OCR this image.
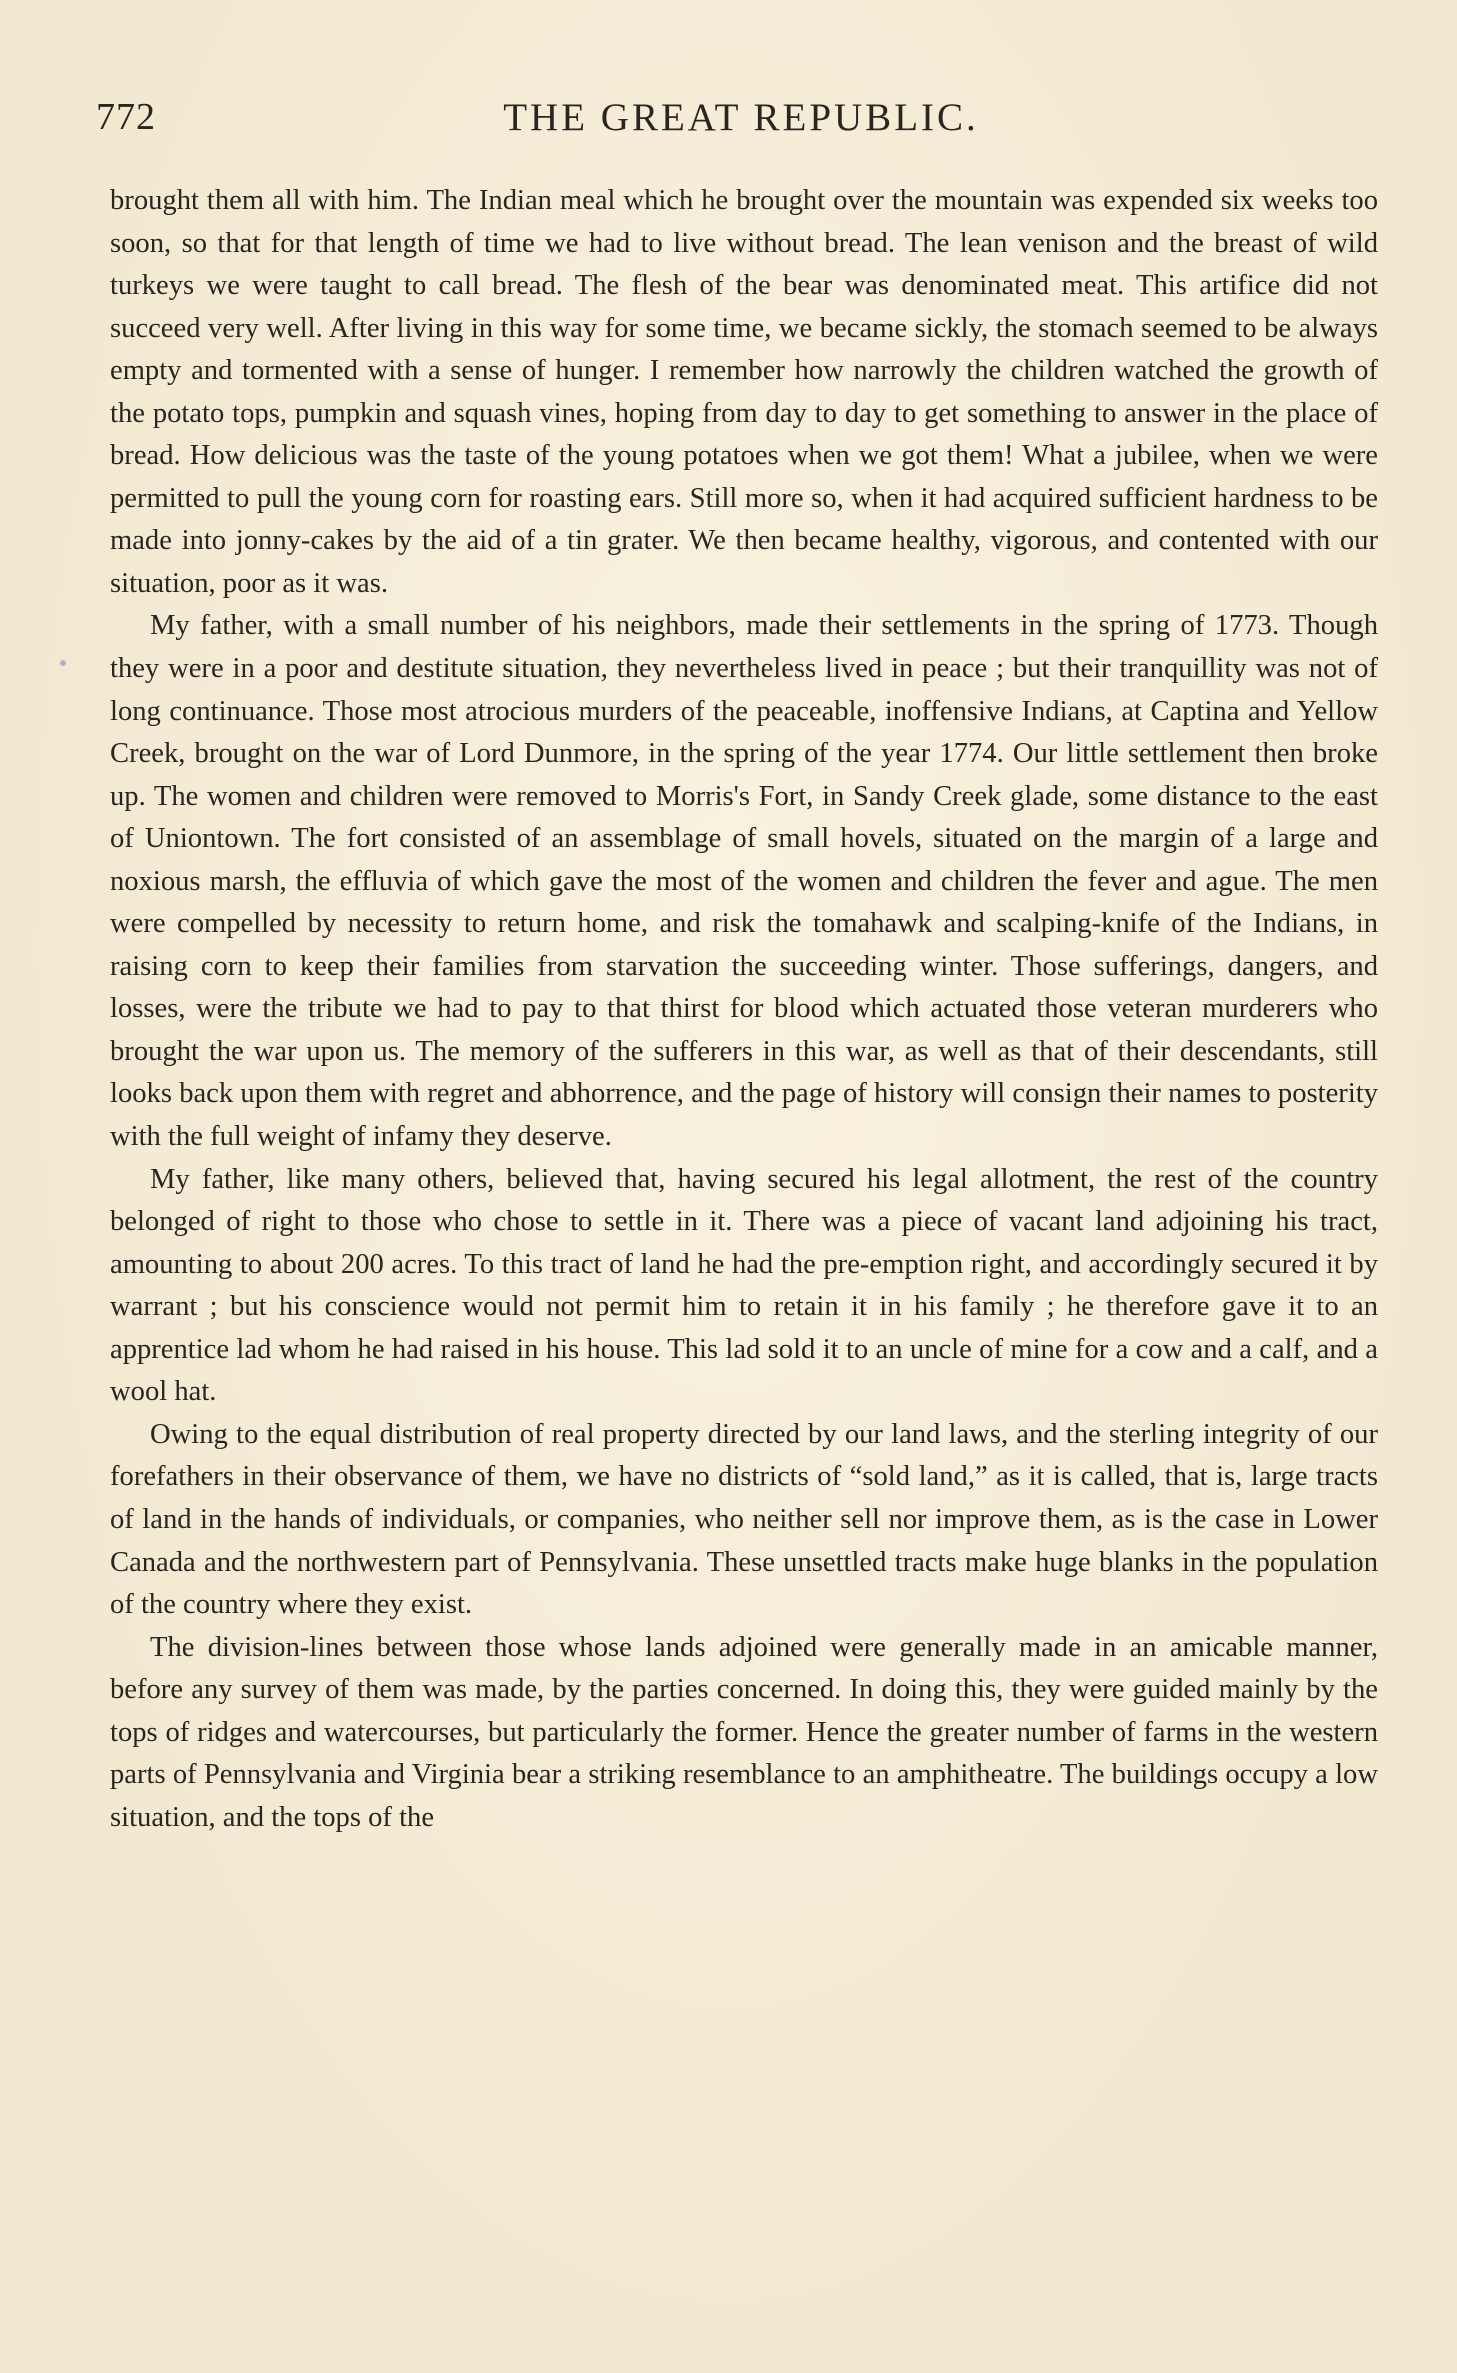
772	THE GREAT REPUBLIC.

brought them all with him. The Indian meal which he brought over the mountain was expended six weeks too soon, so that for that length of time we had to live without bread. The lean venison and the breast of wild turkeys we were taught to call bread. The flesh of the bear was denominated meat. This artifice did not succeed very well. After living in this way for some time, we became sickly, the stomach seemed to be always empty and tormented with a sense of hunger. I remember how narrowly the children watched the growth of the potato tops, pumpkin and squash vines, hoping from day to day to get something to answer in the place of bread. How delicious was the taste of the young potatoes when we got them! What a jubilee, when we were permitted to pull the young corn for roasting ears. Still more so, when it had acquired sufficient hardness to be made into jonny-cakes by the aid of a tin grater. We then became healthy, vigorous, and contented with our situation, poor as it was.

My father, with a small number of his neighbors, made their settlements in the spring of 1773. Though they were in a poor and destitute situation, they nevertheless lived in peace ; but their tranquillity was not of long continuance. Those most atrocious murders of the peaceable, inoffensive Indians, at Captina and Yellow Creek, brought on the war of Lord Dunmore, in the spring of the year 1774. Our little settlement then broke up. The women and children were removed to Morris's Fort, in Sandy Creek glade, some distance to the east of Uniontown. The fort consisted of an assemblage of small hovels, situated on the margin of a large and noxious marsh, the effluvia of which gave the most of the women and children the fever and ague. The men were compelled by necessity to return home, and risk the tomahawk and scalping-knife of the Indians, in raising corn to keep their families from starvation the succeeding winter. Those sufferings, dangers, and losses, were the tribute we had to pay to that thirst for blood which actuated those veteran murderers who brought the war upon us. The memory of the sufferers in this war, as well as that of their descendants, still looks back upon them with regret and abhorrence, and the page of history will consign their names to posterity with the full weight of infamy they deserve.

My father, like many others, believed that, having secured his legal allotment, the rest of the country belonged of right to those who chose to settle in it. There was a piece of vacant land adjoining his tract, amounting to about 200 acres. To this tract of land he had the pre-emption right, and accordingly secured it by warrant ; but his conscience would not permit him to retain it in his family ; he therefore gave it to an apprentice lad whom he had raised in his house. This lad sold it to an uncle of mine for a cow and a calf, and a wool hat.

Owing to the equal distribution of real property directed by our land laws, and the sterling integrity of our forefathers in their observance of them, we have no districts of “sold land,” as it is called, that is, large tracts of land in the hands of individuals, or companies, who neither sell nor improve them, as is the case in Lower Canada and the northwestern part of Pennsylvania. These unsettled tracts make huge blanks in the population of the country where they exist.

The division-lines between those whose lands adjoined were generally made in an amicable manner, before any survey of them was made, by the parties concerned. In doing this, they were guided mainly by the tops of ridges and watercourses, but particularly the former. Hence the greater number of farms in the western parts of Pennsylvania and Virginia bear a striking resemblance to an amphitheatre. The buildings occupy a low situation, and the tops of the
